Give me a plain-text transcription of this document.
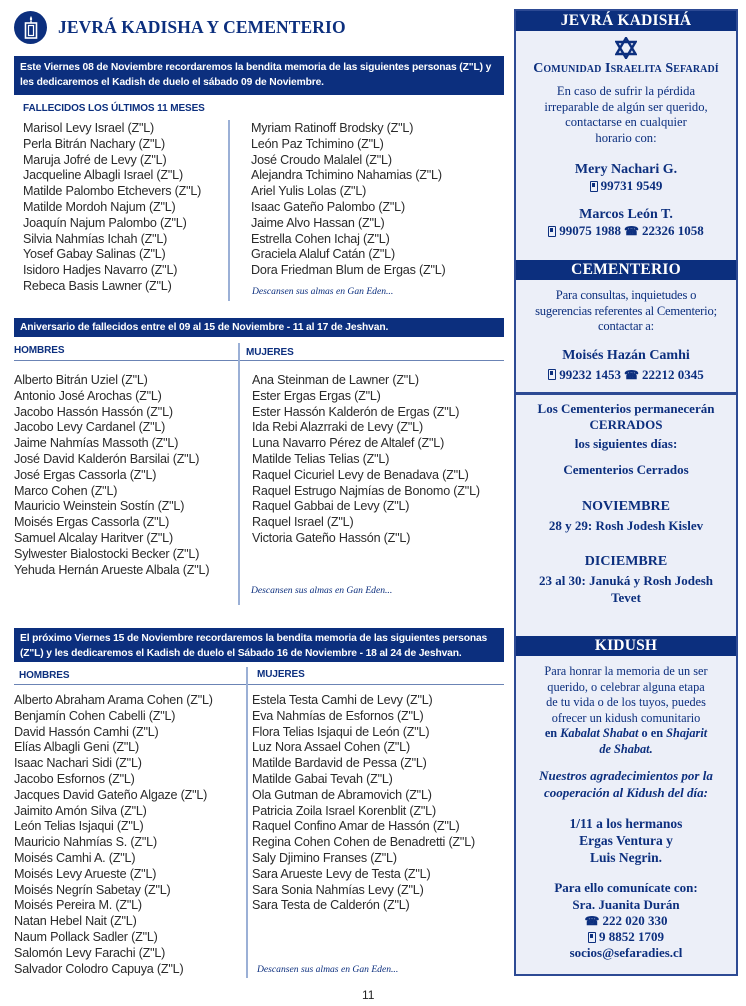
JEVRÁ KADISHA Y CEMENTERIO
Este Viernes 08 de Noviembre recordaremos la bendita memoria de las siguientes personas (Z"L) y
les dedicaremos el Kadish de duelo el sábado 09 de Noviembre.
FALLECIDOS LOS ÚLTIMOS 11 MESES
Marisol Levy Israel (Z"L)
Perla Bitrán Nachary (Z"L)
Maruja Jofré de Levy (Z"L)
Jacqueline Albagli Israel (Z"L)
Matilde Palombo Etchevers (Z"L)
Matilde Mordoh Najum (Z"L)
Joaquín Najum Palombo (Z"L)
Silvia Nahmías Ichah (Z"L)
Yosef Gabay Salinas (Z"L)
Isidoro Hadjes Navarro (Z"L)
Rebeca Basis Lawner (Z"L)
Myriam Ratinoff Brodsky (Z"L)
León Paz Tchimino (Z"L)
José Croudo Malalel (Z"L)
Alejandra Tchimino Nahamias (Z"L)
Ariel Yulis Lolas (Z"L)
Isaac Gateño Palombo (Z"L)
Jaime Alvo Hassan (Z"L)
Estrella Cohen Ichaj (Z"L)
Graciela Alaluf Catán (Z"L)
Dora Friedman Blum de Ergas (Z"L)
Descansen sus almas en Gan Eden...
Aniversario de fallecidos entre el 09 al 15 de Noviembre - 11 al 17 de Jeshvan.
HOMBRES	MUJERES
Alberto Bitrán Uziel (Z"L)
Antonio José Arochas (Z"L)
Jacobo Hassón Hassón (Z"L)
Jacobo Levy Cardanel (Z"L)
Jaime Nahmías Massoth (Z"L)
José David Kalderón Barsilai (Z"L)
José Ergas Cassorla (Z"L)
Marco Cohen (Z"L)
Mauricio Weinstein Sostín (Z"L)
Moisés Ergas Cassorla (Z"L)
Samuel Alcalay Haritver (Z"L)
Sylwester Bialostocki Becker (Z"L)
Yehuda Hernán Arueste Albala (Z"L)
Ana Steinman de Lawner (Z"L)
Ester Ergas Ergas (Z"L)
Ester Hassón Kalderón de Ergas (Z"L)
Ida Rebi Alazrraki de Levy (Z"L)
Luna Navarro Pérez de Altalef (Z"L)
Matilde Telias Telias (Z"L)
Raquel Cicuriel Levy de Benadava (Z"L)
Raquel Estrugo Najmías de Bonomo (Z"L)
Raquel Gabbai de Levy (Z"L)
Raquel Israel (Z"L)
Victoria Gateño Hassón (Z"L)
Descansen sus almas en Gan Eden...
El próximo Viernes 15 de Noviembre recordaremos la bendita memoria de las siguientes personas
(Z"L) y les dedicaremos el Kadish de duelo el Sábado 16 de Noviembre - 18 al 24 de Jeshvan.
HOMBRES	MUJERES
Alberto Abraham Arama Cohen (Z"L)
Benjamín Cohen Cabelli (Z"L)
David Hassón Camhi (Z"L)
Elías Albagli Geni (Z"L)
Isaac Nachari Sidi (Z"L)
Jacobo Esfornos (Z"L)
Jacques David Gateño Algaze (Z"L)
Jaimito Amón Silva (Z"L)
León Telias Isjaqui (Z"L)
Mauricio Nahmías S. (Z"L)
Moisés Camhi A. (Z"L)
Moisés Levy Arueste (Z"L)
Moisés Negrín Sabetay (Z"L)
Moisés Pereira M. (Z"L)
Natan Hebel Nait (Z"L)
Naum Pollack Sadler (Z"L)
Salomón Levy Farachi (Z"L)
Salvador Colodro Capuya (Z"L)
Estela Testa Camhi de Levy (Z"L)
Eva Nahmías de Esfornos (Z"L)
Flora Telias Isjaqui de León (Z"L)
Luz Nora Assael Cohen (Z"L)
Matilde Bardavid de Pessa (Z"L)
Matilde Gabai Tevah (Z"L)
Ola Gutman de Abramovich (Z"L)
Patricia Zoila Israel Korenblit (Z"L)
Raquel Confino Amar de Hassón (Z"L)
Regina Cohen Cohen de Benadretti (Z"L)
Saly Djimino Franses (Z"L)
Sara Arueste Levy de Testa (Z"L)
Sara Sonia Nahmías Levy (Z"L)
Sara Testa de Calderón (Z"L)
Descansen sus almas en Gan Eden...
11
JEVRÁ KADISHÁ
Comunidad Israelita Sefaradí
En caso de sufrir la pérdida
irreparable de algún ser querido,
contactarse en cualquier
horario con:
Mery Nachari G.
99731 9549
Marcos León T.
99075 1988 ☎ 22326 1058
CEMENTERIO
Para consultas, inquietudes o
sugerencias referentes al Cementerio;
contactar a:
Moisés Hazán Camhi
99232 1453 ☎ 22212 0345
Los Cementerios permanecerán
CERRADOS
los siguientes días:
Cementerios Cerrados
NOVIEMBRE
28 y 29: Rosh Jodesh Kislev
DICIEMBRE
23 al 30: Januká y Rosh Jodesh
Tevet
KIDUSH
Para honrar la memoria de un ser
querido, o celebrar alguna etapa
de tu vida o de los tuyos, puedes
ofrecer un kidush comunitario
en Kabalat Shabat o en Shajarit
de Shabat.
Nuestros agradecimientos por la
cooperación al Kidush del día:
1/11 a los hermanos
Ergas Ventura y
Luis Negrin.
Para ello comunícate con:
Sra. Juanita Durán
☎ 222 020 330
9 8852 1709
socios@sefaradies.cl
